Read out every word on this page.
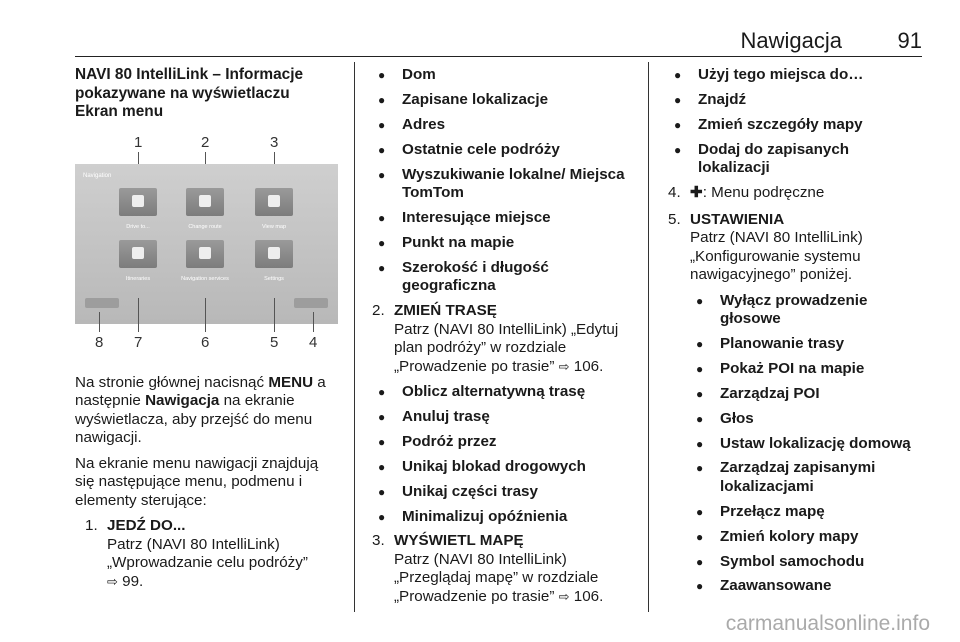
Nawigacja	91
NAVI 80 IntelliLink – Informacje
pokazywane na wyświetlaczu
Ekran menu
1	2	3
Navigation
Drive to...	Change route	View map
Itineraries	Navigation services	Settings
8 7	6	5 4

Na stronie głównej nacisnąć MENU a następnie Nawigacja na ekranie wyświetlacza, aby przejść do menu nawigacji.

Na ekranie menu nawigacji znajdują się następujące menu, podmenu i elementy sterujące:

1. JEDŹ DO...
Patrz (NAVI 80 IntelliLink) „Wprowadzanie celu podróży”
⇨ 99.
● Dom
● Zapisane lokalizacje
● Adres
● Ostatnie cele podróży
● Wyszukiwanie lokalne/ Miejsca TomTom
● Interesujące miejsce
● Punkt na mapie
● Szerokość i długość geograficzna
2. ZMIEŃ TRASĘ
Patrz (NAVI 80 IntelliLink) „Edytuj plan podróży” w rozdziale „Prowadzenie po trasie” ⇨ 106.
● Oblicz alternatywną trasę
● Anuluj trasę
● Podróż przez
● Unikaj blokad drogowych
● Unikaj części trasy
● Minimalizuj opóźnienia
3. WYŚWIETL MAPĘ
Patrz (NAVI 80 IntelliLink) „Przeglądaj mapę” w rozdziale „Prowadzenie po trasie” ⇨ 106.
● Użyj tego miejsca do…
● Znajdź
● Zmień szczegóły mapy
● Dodaj do zapisanych lokalizacji
4. ✚: Menu podręczne
5. USTAWIENIA
Patrz (NAVI 80 IntelliLink) „Konfigurowanie systemu nawigacyjnego” poniżej.
● Wyłącz prowadzenie głosowe
● Planowanie trasy
● Pokaż POI na mapie
● Zarządzaj POI
● Głos
● Ustaw lokalizację domową
● Zarządzaj zapisanymi lokalizacjami
● Przełącz mapę
● Zmień kolory mapy
● Symbol samochodu
● Zaawansowane
carmanualsonline.info
